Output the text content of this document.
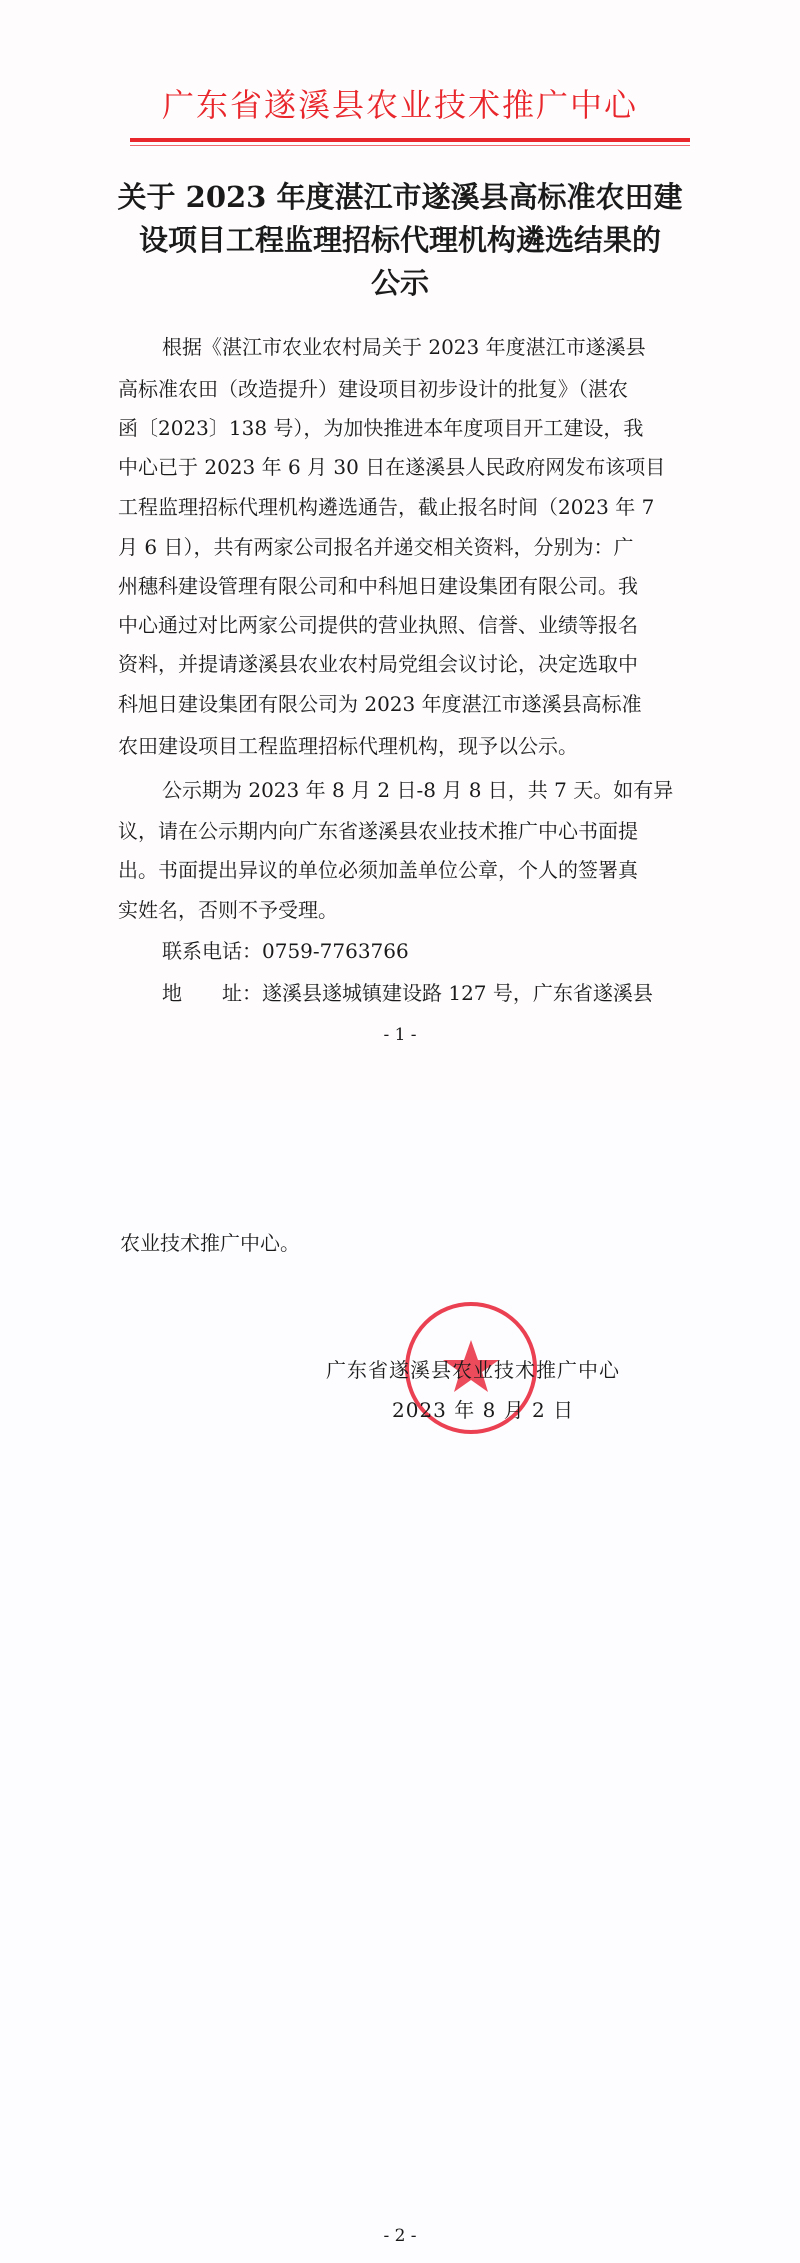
广东省遂溪县农业技术推广中心
关于 2023 年度湛江市遂溪县高标准农田建
设项目工程监理招标代理机构遴选结果的
公示
根据《湛江市农业农村局关于 2023 年度湛江市遂溪县
高标准农田（改造提升）建设项目初步设计的批复》（湛农
函〔2023〕138 号），为加快推进本年度项目开工建设，我
中心已于 2023 年 6 月 30 日在遂溪县人民政府网发布该项目
工程监理招标代理机构遴选通告，截止报名时间（2023 年 7
月 6 日），共有两家公司报名并递交相关资料，分别为：广
州穗科建设管理有限公司和中科旭日建设集团有限公司。我
中心通过对比两家公司提供的营业执照、信誉、业绩等报名
资料，并提请遂溪县农业农村局党组会议讨论，决定选取中
科旭日建设集团有限公司为 2023 年度湛江市遂溪县高标准
农田建设项目工程监理招标代理机构，现予以公示。
公示期为 2023 年 8 月 2 日-8 月 8 日，共 7 天。如有异
议，请在公示期内向广东省遂溪县农业技术推广中心书面提
出。书面提出异议的单位必须加盖单位公章，个人的签署真
实姓名，否则不予受理。
联系电话：0759-7763766
地　　址：遂溪县遂城镇建设路 127 号，广东省遂溪县
- 1 -
农业技术推广中心。
广东省遂溪县农业技术推广中心
2023 年 8 月 2 日
- 2 -
